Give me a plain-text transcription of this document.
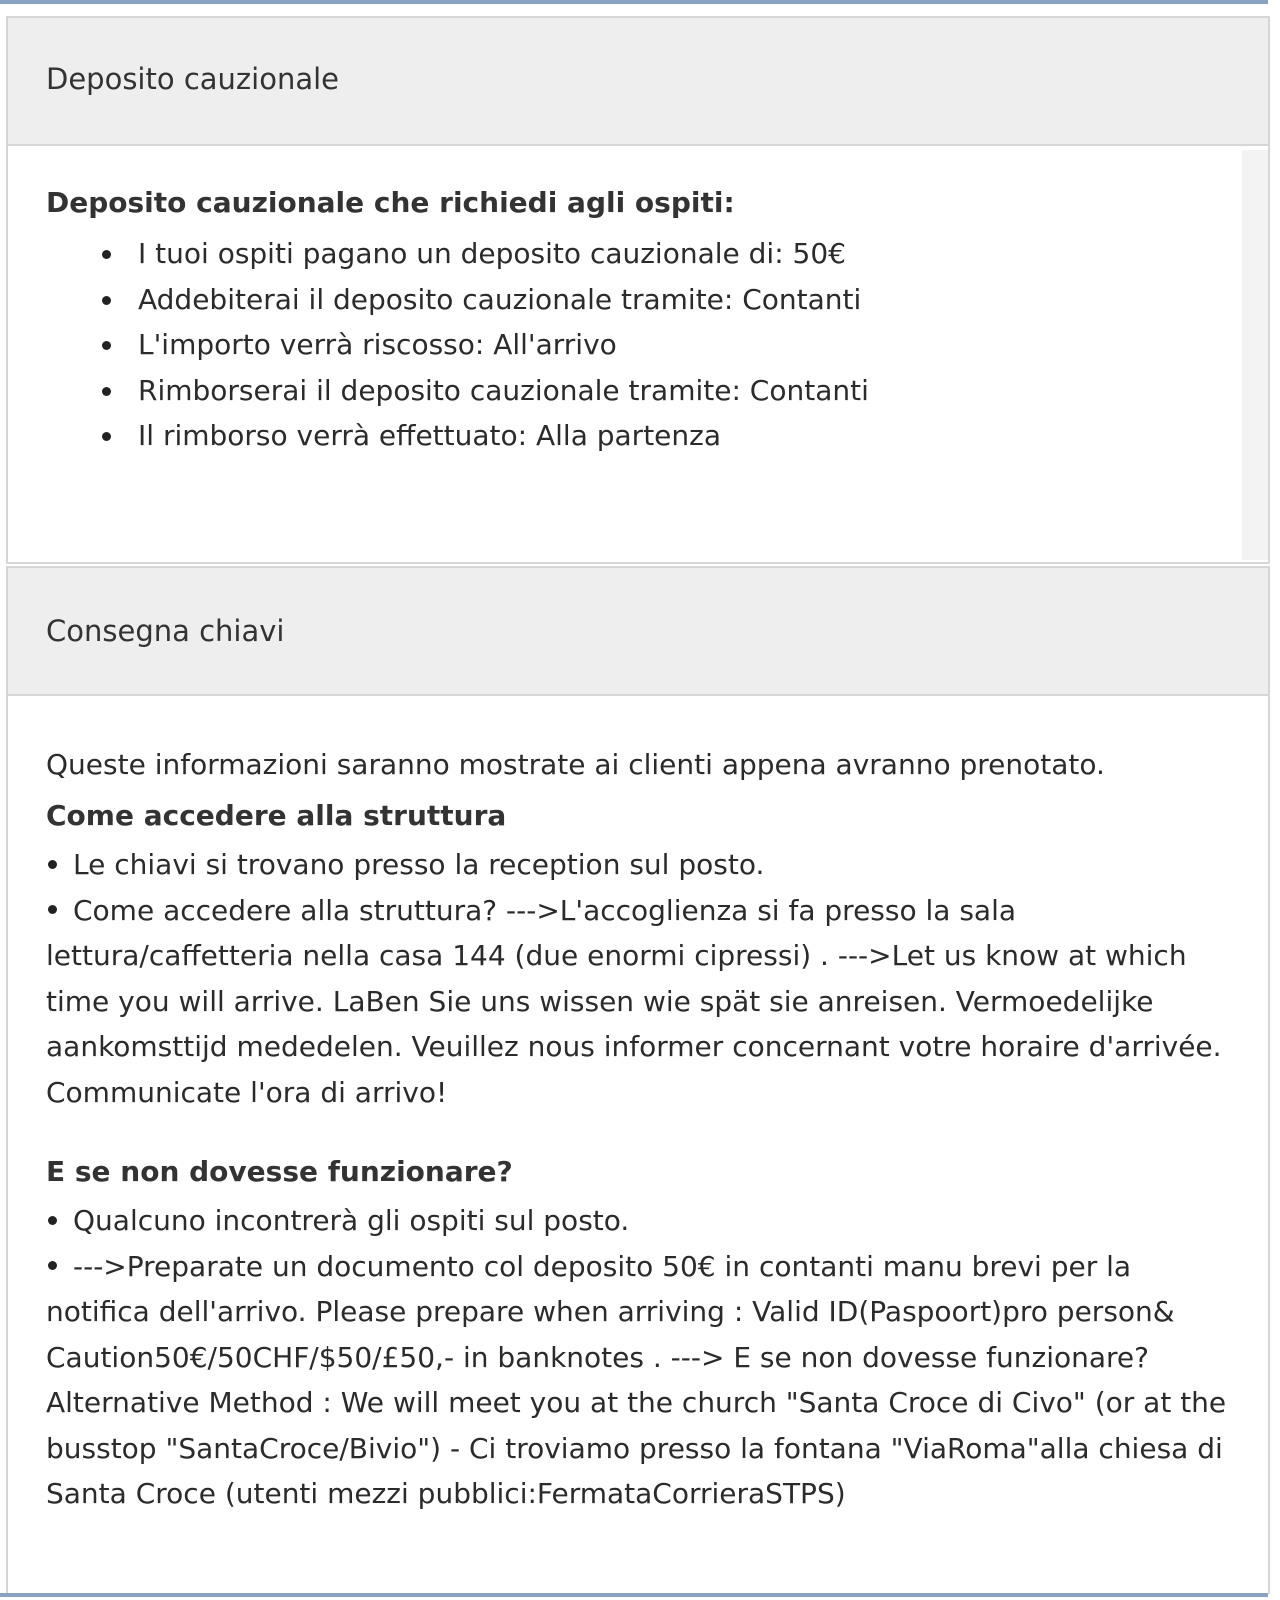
Deposito cauzionale
Deposito cauzionale che richiedi agli ospiti:
I tuoi ospiti pagano un deposito cauzionale di: 50€
Addebiterai il deposito cauzionale tramite: Contanti
L'importo verrà riscosso: All'arrivo
Rimborserai il deposito cauzionale tramite: Contanti
Il rimborso verrà effettuato: Alla partenza
Consegna chiavi

Queste informazioni saranno mostrate ai clienti appena avranno prenotato.

Come accedere alla struttura

Le chiavi si trovano presso la reception sul posto.

Come accedere alla struttura? --->L'accoglienza si fa presso la sala lettura/caffetteria nella casa 144 (due enormi cipressi) . --->Let us know at which time you will arrive. LaBen Sie uns wissen wie spät sie anreisen. Vermoedelijke aankomsttijd mededelen. Veuillez nous informer concernant votre horaire d'arrivée. Communicate l'ora di arrivo!

E se non dovesse funzionare?

Qualcuno incontrerà gli ospiti sul posto.

--->Preparate un documento col deposito 50€ in contanti manu brevi per la notifica dell'arrivo. Please prepare when arriving : Valid ID(Paspoort)pro person& Caution50€/50CHF/$50/£50,- in banknotes . ---> E se non dovesse funzionare? Alternative Method : We will meet you at the church "Santa Croce di Civo" (or at the busstop "SantaCroce/Bivio") - Ci troviamo presso la fontana "ViaRoma"alla chiesa di Santa Croce (utenti mezzi pubblici:FermataCorrieraSTPS)
